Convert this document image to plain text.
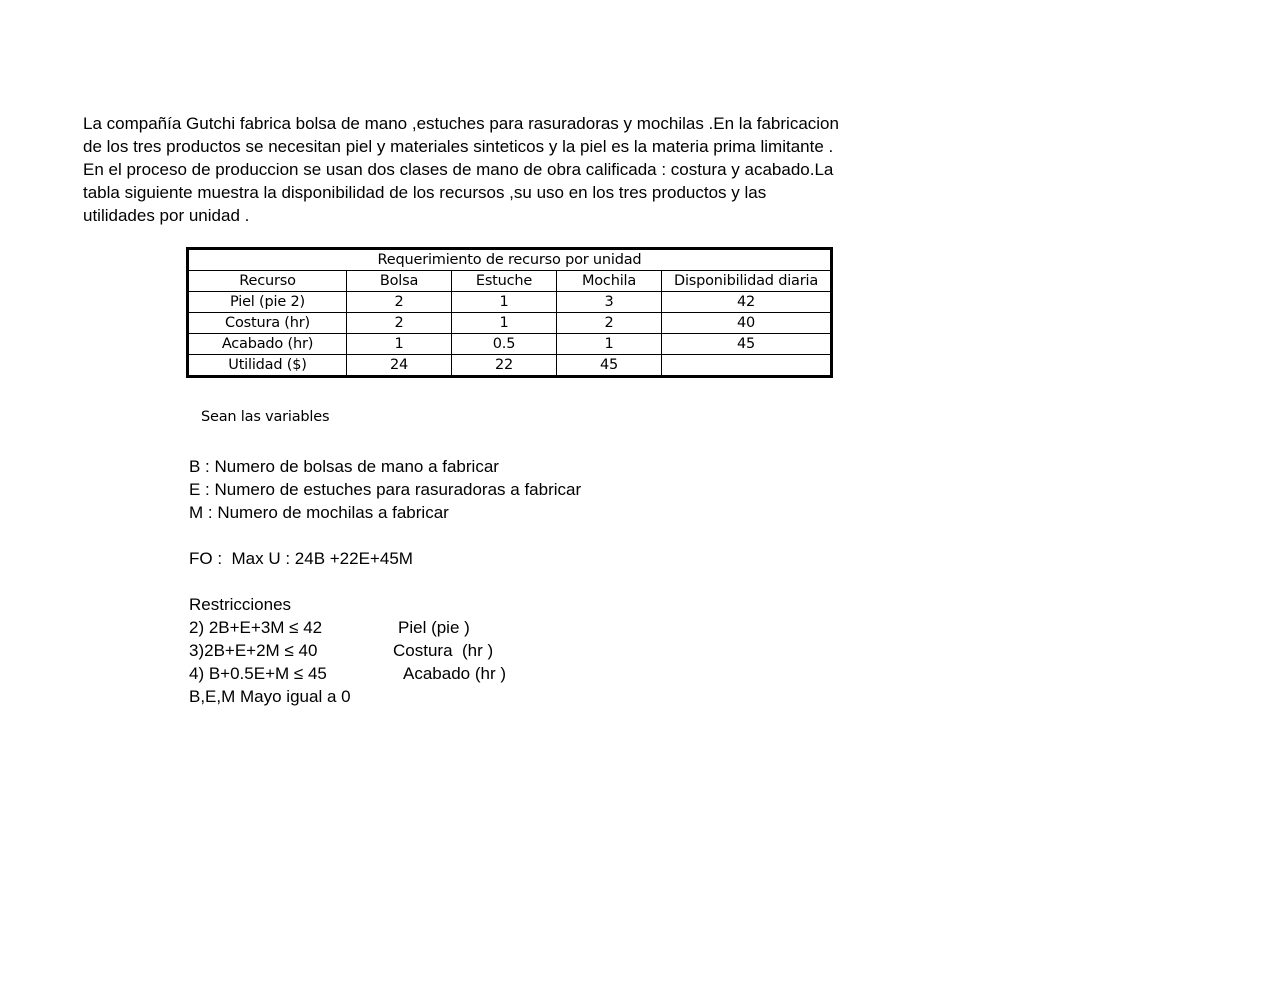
La compañía Gutchi fabrica bolsa de mano ,estuches para rasuradoras y mochilas .En la fabricacion
de los tres productos se necesitan piel y materiales sinteticos y la piel es la materia prima limitante .
En el proceso de produccion se usan dos clases de mano de obra calificada : costura y acabado.La
tabla siguiente muestra la disponibilidad de los recursos ,su uso en los tres productos y las
utilidades por unidad .
Requerimiento de recurso por unidad				
Recurso	Bolsa	Estuche	Mochila	Disponibilidad diaria
Piel (pie 2)	2	1	3	42
Costura (hr)	2	1	2	40
Acabado (hr)	1	0.5	1	45
Utilidad ($)	24	22	45	
Sean las variables
B : Numero de bolsas de mano a fabricar
E : Numero de estuches para rasuradoras a fabricar
M : Numero de mochilas a fabricar
FO :  Max U : 24B +22E+45M
Restricciones
2) 2B+E+3M ≤ 42	Piel (pie )
3)2B+E+2M ≤ 40	Costura  (hr )
4) B+0.5E+M ≤ 45	Acabado (hr )
B,E,M Mayo igual a 0
